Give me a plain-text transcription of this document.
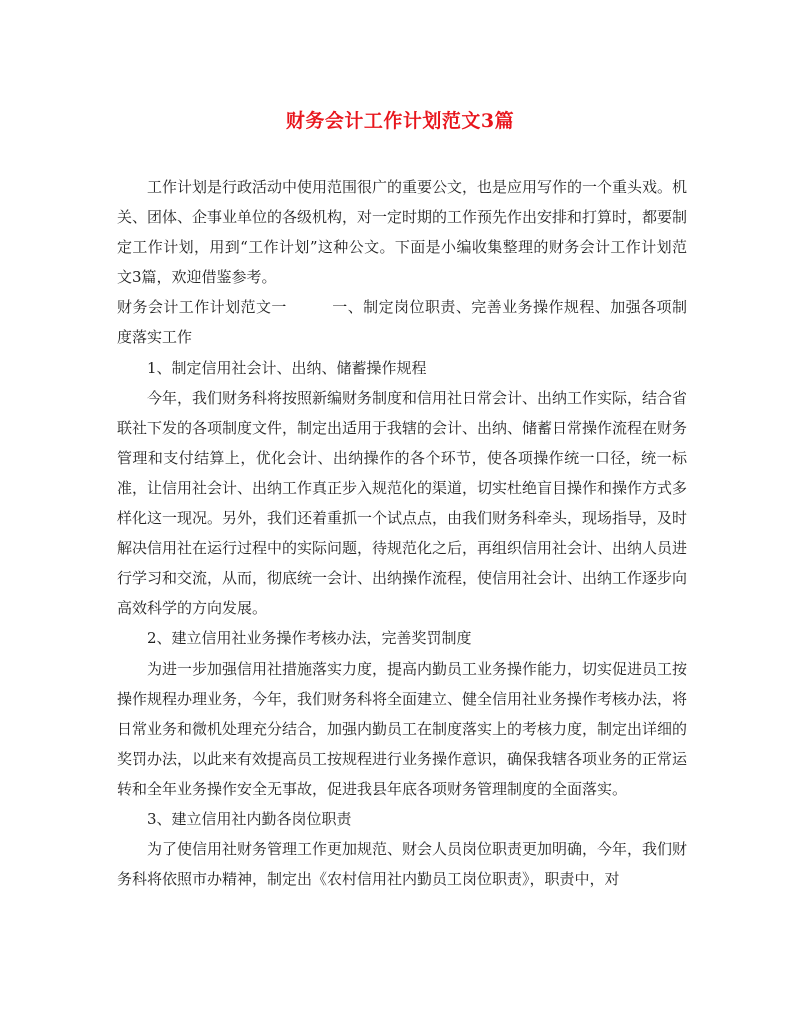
财务会计工作计划范文3篇

工作计划是行政活动中使用范围很广的重要公文，也是应用写作的一个重头戏。机关、团体、企事业单位的各级机构，对一定时期的工作预先作出安排和打算时，都要制定工作计划，用到“工作计划”这种公文。下面是小编收集整理的财务会计工作计划范文3篇，欢迎借鉴参考。

财务会计工作计划范文一	一、制定岗位职责、完善业务操作规程、加强各项制度落实工作

1、制定信用社会计、出纳、储蓄操作规程

今年，我们财务科将按照新编财务制度和信用社日常会计、出纳工作实际，结合省联社下发的各项制度文件，制定出适用于我辖的会计、出纳、储蓄日常操作流程在财务管理和支付结算上，优化会计、出纳操作的各个环节，使各项操作统一口径，统一标准，让信用社会计、出纳工作真正步入规范化的渠道，切实杜绝盲目操作和操作方式多样化这一现况。另外，我们还着重抓一个试点点，由我们财务科牵头，现场指导，及时解决信用社在运行过程中的实际问题，待规范化之后，再组织信用社会计、出纳人员进行学习和交流，从而，彻底统一会计、出纳操作流程，使信用社会计、出纳工作逐步向高效科学的方向发展。

2、建立信用社业务操作考核办法，完善奖罚制度

为进一步加强信用社措施落实力度，提高内勤员工业务操作能力，切实促进员工按操作规程办理业务，今年，我们财务科将全面建立、健全信用社业务操作考核办法，将日常业务和微机处理充分结合，加强内勤员工在制度落实上的考核力度，制定出详细的奖罚办法，以此来有效提高员工按规程进行业务操作意识，确保我辖各项业务的正常运转和全年业务操作安全无事故，促进我县年底各项财务管理制度的全面落实。

3、建立信用社内勤各岗位职责

为了使信用社财务管理工作更加规范、财会人员岗位职责更加明确，今年，我们财务科将依照市办精神，制定出《农村信用社内勤员工岗位职责》，职责中，对
